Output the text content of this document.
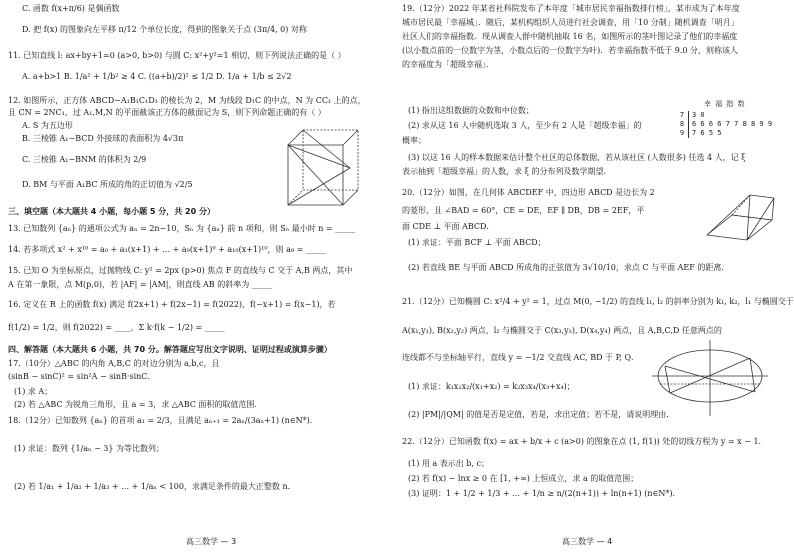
C. 函数 f(x+π/6) 是偶函数
D. 把 f(x) 的图象向左平移 π/12 个单位长度，得到的图象关于点 (3π/4, 0) 对称
11. 已知直线 l: ax+by+1=0 (a>0, b>0) 与圆 C: x²+y²=1 相切，则下列说法正确的是（ ）
A. a+b>1 B. 1/a² + 1/b² ≥ 4 C. ((a+b)/2)² ≤ 1/2 D. 1/a + 1/b ≤ 2√2
12. 如图所示，正方体 ABCD−A₁B₁C₁D₁ 的棱长为 2，M 为线段 D₁C 的中点，N 为 CC₁ 上的点，
且 CN = 2NC₁，过 A₁,M,N 的平面截该正方体的截面记为 S，则下列命题正确的有（ ）
A. S 为五边形
B. 三棱锥 A₁−BCD 外接球的表面积为 4√3π
C. 三棱锥 A₁−BNM 的体积为 2/9
D. BM 与平面 A₁BC 所成的角的正切值为 √2/5
三、填空题（本大题共 4 小题，每小题 5 分，共 20 分）
13. 已知数列 {aₙ} 的通项公式为 aₙ = 2n−10，Sₙ 为 {aₙ} 前 n 项和，则 Sₙ 最小时 n = _____
14. 若多项式 x² + x¹⁰ = a₀ + a₁(x+1) + … + a₉(x+1)⁹ + a₁₀(x+1)¹⁰，则 a₉ = _____
15. 已知 O 为坐标原点，过抛物线 C: y² = 2px (p>0) 焦点 F 的直线与 C 交于 A,B 两点，其中
A 在第一象限，点 M(p,0)，若 |AF| = |AM|，则直线 AB 的斜率为 _____
16. 定义在 R 上的函数 f(x) 满足 f(2x+1) + f(2x−1) = f(2022)，f(−x+1) = f(x−1)，若
f(1/2) = 1/2，则 f(2022) = ____，Σ k·f(k − 1/2) = _____
四、解答题（本大题共 6 小题，共 70 分。解答题应写出文字说明、证明过程或演算步骤）
17.（10分）△ABC 的内角 A,B,C 的对边分别为 a,b,c，且
(sinB − sinC)² = sin²A − sinB·sinC．
(1) 求 A；
(2) 若 △ABC 为锐角三角形，且 a = 3，求 △ABC 面积的取值范围．
18.（12分）已知数列 {aₙ} 的首项 a₁ = 2/3，且满足 aₙ₊₁ = 2aₙ/(3aₙ+1) (n∈N*)．
(1) 求证：数列 {1/aₙ − 3} 为等比数列；
(2) 若 1/a₁ + 1/a₂ + 1/a₃ + … + 1/aₙ < 100，求满足条件的最大正整数 n．
高三数学 — 3
19.（12分）2022 年某省社科院发布了本年度「城市居民幸福指数排行榜」，某市成为了本年度
城市居民最「幸福城」．随后，某机构组织人员进行社会调查，用「10 分制」随机调查「明月」
社区人们的幸福指数．现从调查人群中随机抽取 16 名，如图所示的茎叶图记录了他们的幸福度
(以小数点前的一位数字为茎，小数点后的一位数字为叶)．若幸福指数不低于 9.0 分，则称该人
的幸福度为「超级幸福」．
(1) 指出这组数据的众数和中位数；
(2) 求从这 16 人中随机选取 3 人，至少有 2 人是「超级幸福」的
概率；
(3) 以这 16 人的样本数据来估计整个社区的总体数据，若从该社区 (人数很多) 任选 4 人，记 ξ
表示抽到「超级幸福」的人数，求 ξ 的分布列及数学期望．
幸 福 指 数
7
8
9
3 0
6 6 6 6 7 7 8 8 9 9
7 6 5 5
20.（12分）如图，在几何体 ABCDEF 中，四边形 ABCD 是边长为 2
的菱形，且 ∠BAD = 60°，CE = DE，EF ∥ DB，DB = 2EF，平
面 CDE ⊥ 平面 ABCD．
(1) 求证：平面 BCF ⊥ 平面 ABCD；
(2) 若直线 BE 与平面 ABCD 所成角的正弦值为 3√10/10，求点 C 与平面 AEF 的距离．
21.（12分）已知椭圆 C: x²/4 + y² = 1，过点 M(0, −1/2) 的直线 l₁, l₂ 的斜率分别为 k₁, k₂，l₁ 与椭圆交于
A(x₁,y₁), B(x₂,y₂) 两点，l₂ 与椭圆交于 C(x₃,y₃), D(x₄,y₄) 两点，且 A,B,C,D 任意两点的
连线都不与坐标轴平行，直线 y = −1/2 交直线 AC, BD 于 P, Q．
(1) 求证：k₁x₁x₂/(x₁+x₂) = k₂x₃x₄/(x₃+x₄)；
(2) |PM|/|QM| 的值是否是定值，若是，求出定值；若不是，请说明理由．
22.（12分）已知函数 f(x) = ax + b/x + c (a>0) 的图象在点 (1, f(1)) 处的切线方程为 y = x − 1．
(1) 用 a 表示出 b, c；
(2) 若 f(x) − lnx ≥ 0 在 [1, +∞) 上恒成立，求 a 的取值范围；
(3) 证明：1 + 1/2 + 1/3 + … + 1/n ≥ n/(2(n+1)) + ln(n+1) (n∈N*)．
高三数学 — 4
